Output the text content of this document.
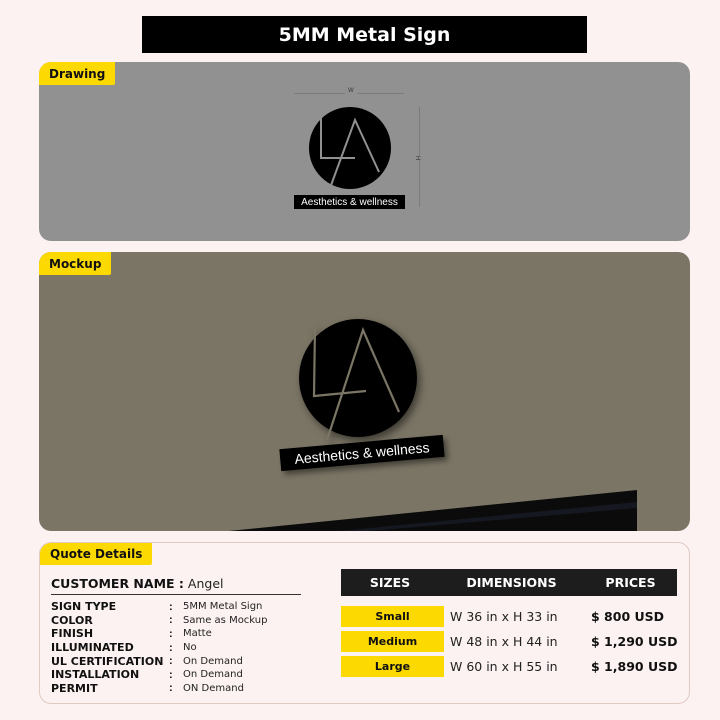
5MM Metal Sign
Drawing
W
H
Aesthetics & wellness
Mockup
Aesthetics & wellness
Quote Details
CUSTOMER NAME : Angel
SIGN TYPE	:	5MM Metal Sign
COLOR	:	Same as Mockup
FINISH	:	Matte
ILLUMINATED	:	No
UL CERTIFICATION :	On Demand
INSTALLATION	:	On Demand
PERMIT	:	ON Demand
SIZES	DIMENSIONS	PRICES
Small	W 36 in x H 33 in	$ 800 USD
Medium	W 48 in x H 44 in	$ 1,290 USD
Large	W 60 in x H 55 in	$ 1,890 USD
